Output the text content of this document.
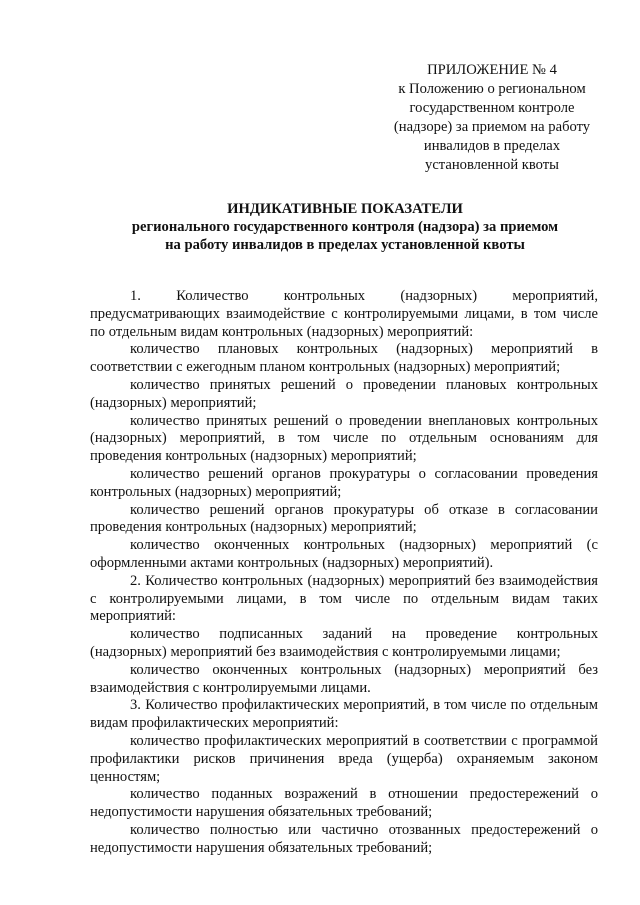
ПРИЛОЖЕНИЕ № 4
к Положению о региональном
государственном контроле
(надзоре) за приемом на работу
инвалидов в пределах
установленной квоты
ИНДИКАТИВНЫЕ ПОКАЗАТЕЛИ
регионального государственного контроля (надзора) за приемом
на работу инвалидов в пределах установленной квоты

1. Количество контрольных (надзорных) мероприятий, предусматривающих взаимодействие с контролируемыми лицами, в том числе по отдельным видам контрольных (надзорных) мероприятий:

количество плановых контрольных (надзорных) мероприятий в соответствии с ежегодным планом контрольных (надзорных) мероприятий;

количество принятых решений о проведении плановых контрольных (надзорных) мероприятий;

количество принятых решений о проведении внеплановых контрольных (надзорных) мероприятий, в том числе по отдельным основаниям для проведения контрольных (надзорных) мероприятий;

количество решений органов прокуратуры о согласовании проведения контрольных (надзорных) мероприятий;

количество решений органов прокуратуры об отказе в согласовании проведения контрольных (надзорных) мероприятий;

количество оконченных контрольных (надзорных) мероприятий (с оформленными актами контрольных (надзорных) мероприятий).

2. Количество контрольных (надзорных) мероприятий без взаимодействия с контролируемыми лицами, в том числе по отдельным видам таких мероприятий:

количество подписанных заданий на проведение контрольных (надзорных) мероприятий без взаимодействия с контролируемыми лицами;

количество оконченных контрольных (надзорных) мероприятий без взаимодействия с контролируемыми лицами.

3. Количество профилактических мероприятий, в том числе по отдельным видам профилактических мероприятий:

количество профилактических мероприятий в соответствии с программой профилактики рисков причинения вреда (ущерба) охраняемым законом ценностям;

количество поданных возражений в отношении предостережений о недопустимости нарушения обязательных требований;

количество полностью или частично отозванных предостережений о недопустимости нарушения обязательных требований;
